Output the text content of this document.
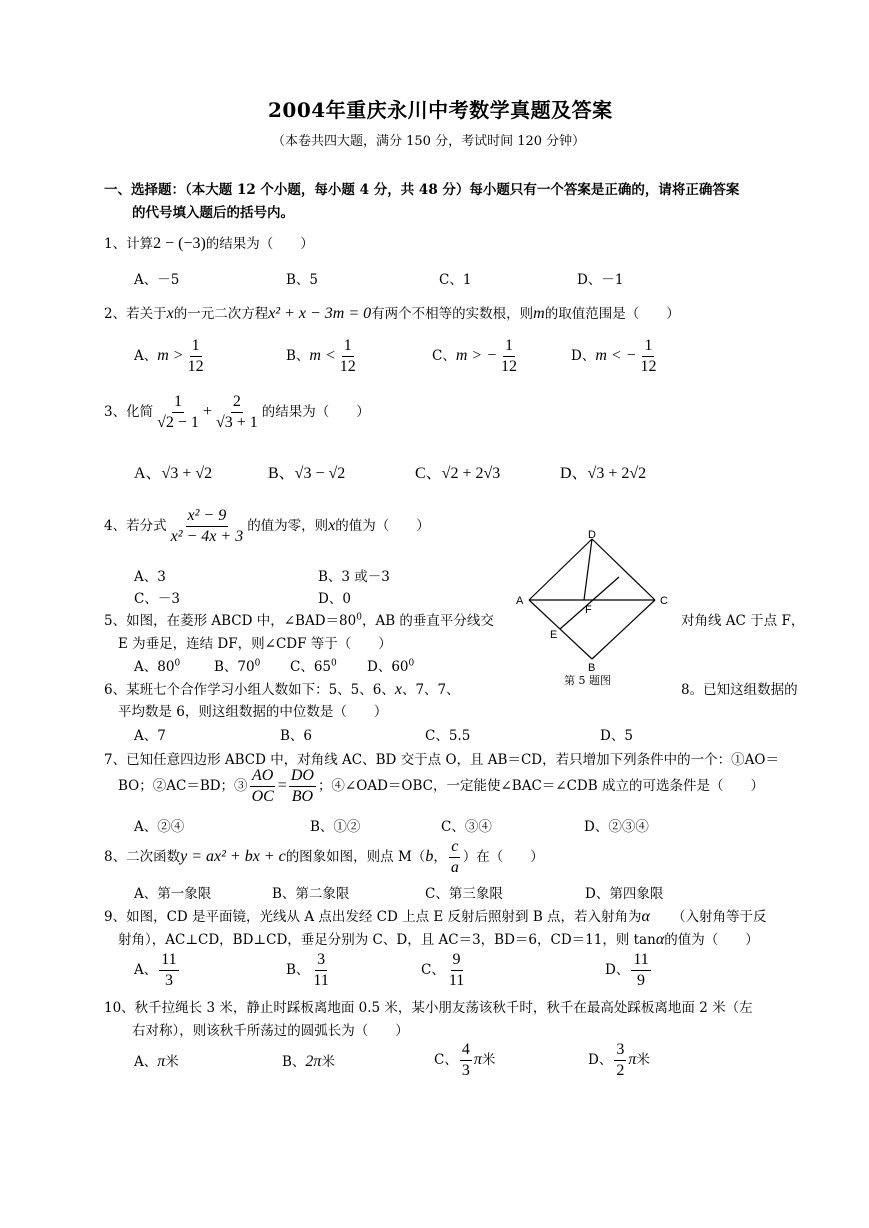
2004年重庆永川中考数学真题及答案
（本卷共四大题，满分 150 分，考试时间 120 分钟）
一、选择题：（本大题 12 个小题，每小题 4 分，共 48 分）每小题只有一个答案是正确的，请将正确答案
的代号填入题后的括号内。
1、计算2 − (−3)的结果为（　　）
A、－5	B、5	C、1	D、－1
2、若关于x的一元二次方程x² + x − 3m = 0有两个不相等的实数根，则m的取值范围是（　　）
A、$m > \frac{1}{12}$	B、$m < \frac{1}{12}$	C、m > − $\frac{1}{12}$	D、m < − $\frac{1}{12}$
3、化简 $\frac{1}{√2 - 1} + \frac{2}{√3 + 1}$ 的结果为（　　）
A、√3 + √2	B、√3 − √2	C、√2 + 2√3	D、√3 + 2√2
4、若分式 $\frac{\text{x² − 9}}{\text{x² − 4x + 3}}$ 的值为零，则x的值为（　　）
A、3	B、3 或－3
C、－3	D、0
D
A	C
F
E
B
第 5 题图
5、如图，在菱形 ABCD 中，$\angle BAD=80^0$，AB 的垂直平分线交	对角线 AC 于点 F，
E 为垂足，连结 DF，则∠CDF 等于（　　）
A、$80^0$	B、$70^0$ C、$65^0$ D、$60^0$
6、某班七个合作学习小组人数如下：5、5、6、x、7、7、	8。已知这组数据的
平均数是 6，则这组数据的中位数是（　　）
A、7	B、6	C、5.5	D、5
7、已知任意四边形 ABCD 中，对角线 AC、BD 交于点 O，且 AB＝CD，若只增加下列条件中的一个：①AO＝
BO；②AC＝BD；③ $\frac{AO}{OC} = \frac{DO}{BO}$ ；④∠OAD＝OBC，一定能使∠BAC＝∠CDB 成立的可选条件是（　　）
A、②④	B、①②	C、③④	D、②③④
8、二次函数y = ax² + bx + c的图象如图，则点 M（b， $\frac{c}{a}$ ）在（　　）
A、第一象限	B、第二象限	C、第三象限	D、第四象限
9、如图，CD 是平面镜，光线从 A 点出发经 CD 上点 E 反射后照射到 B 点，若入射角为α （入射角等于反
射角），AC⊥CD，BD⊥CD，垂足分别为 C、D，且 AC＝3，BD＝6，CD＝11，则 tanα的值为（　　）
A、 $\frac{11}{3}$	B、 $\frac{3}{11}$	C、 $\frac{9}{11}$	D、 $\frac{11}{9}$
10、秋千拉绳长 3 米，静止时踩板离地面 0.5 米，某小朋友荡该秋千时，秋千在最高处踩板离地面 2 米（左
右对称），则该秋千所荡过的圆弧长为（　　）
A、π米	B、2π米	C、 $\frac{4}{3}$ π米	D、 $\frac{3}{2}$ π米
